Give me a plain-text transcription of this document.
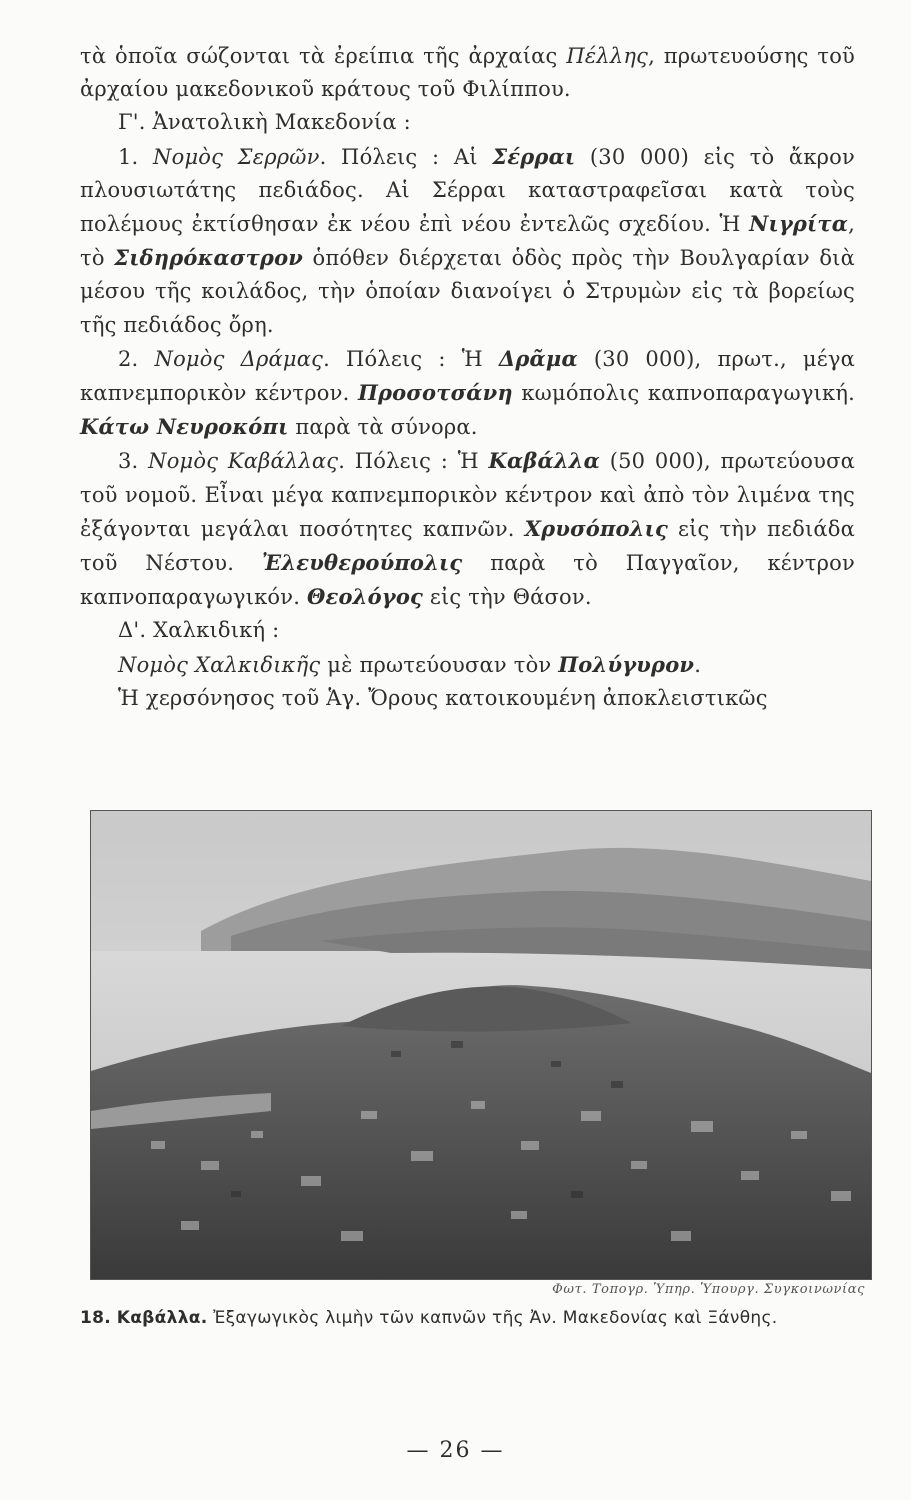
τὰ ὁποῖα σώζονται τὰ ἐρείπια τῆς ἀρχαίας Πέλλης, πρωτευούσης τοῦ ἀρχαίου μακεδονικοῦ κράτους τοῦ Φιλίππου.

Γ'. Ἀνατολικὴ Μακεδονία :

1. Νομὸς Σερρῶν. Πόλεις : Αἱ Σέρραι (30 000) εἰς τὸ ἄκρον πλουσιωτάτης πεδιάδος. Αἱ Σέρραι καταστραφεῖσαι κατὰ τοὺς πολέμους ἐκτίσθησαν ἐκ νέου ἐπὶ νέου ἐντελῶς σχεδίου. Ἡ Νιγρίτα, τὸ Σιδηρόκαστρον ὁπόθεν διέρχεται ὁδὸς πρὸς τὴν Βουλγαρίαν διὰ μέσου τῆς κοιλάδος, τὴν ὁποίαν διανοίγει ὁ Στρυμὼν εἰς τὰ βορείως τῆς πεδιάδος ὄρη.

2. Νομὸς Δράμας. Πόλεις : Ἡ Δρᾶμα (30 000), πρωτ., μέγα καπνεμπορικὸν κέντρον. Προσοτσάνη κωμόπολις καπνοπαραγωγική. Κάτω Νευροκόπι παρὰ τὰ σύνορα.

3. Νομὸς Καβάλλας. Πόλεις : Ἡ Καβάλλα (50 000), πρωτεύουσα τοῦ νομοῦ. Εἶναι μέγα καπνεμπορικὸν κέντρον καὶ ἀπὸ τὸν λιμένα της ἐξάγονται μεγάλαι ποσότητες καπνῶν. Χρυσόπολις εἰς τὴν πεδιάδα τοῦ Νέστου. Ἐλευθερούπολις παρὰ τὸ Παγγαῖον, κέντρον καπνοπαραγωγικόν. Θεολόγος εἰς τὴν Θάσον.

Δ'. Χαλκιδική :

Νομὸς Χαλκιδικῆς μὲ πρωτεύουσαν τὸν Πολύγυρον.

Ἡ χερσόνησος τοῦ Ἁγ. Ὄρους κατοικουμένη ἀποκλειστικῶς

Φωτ. Τοπογρ. Ὑπηρ. Ὑπουργ. Συγκοινωνίας
18. Καβάλλα. Ἐξαγωγικὸς λιμὴν τῶν καπνῶν τῆς Ἀν. Μακεδονίας καὶ Ξάνθης.
— 26 —
